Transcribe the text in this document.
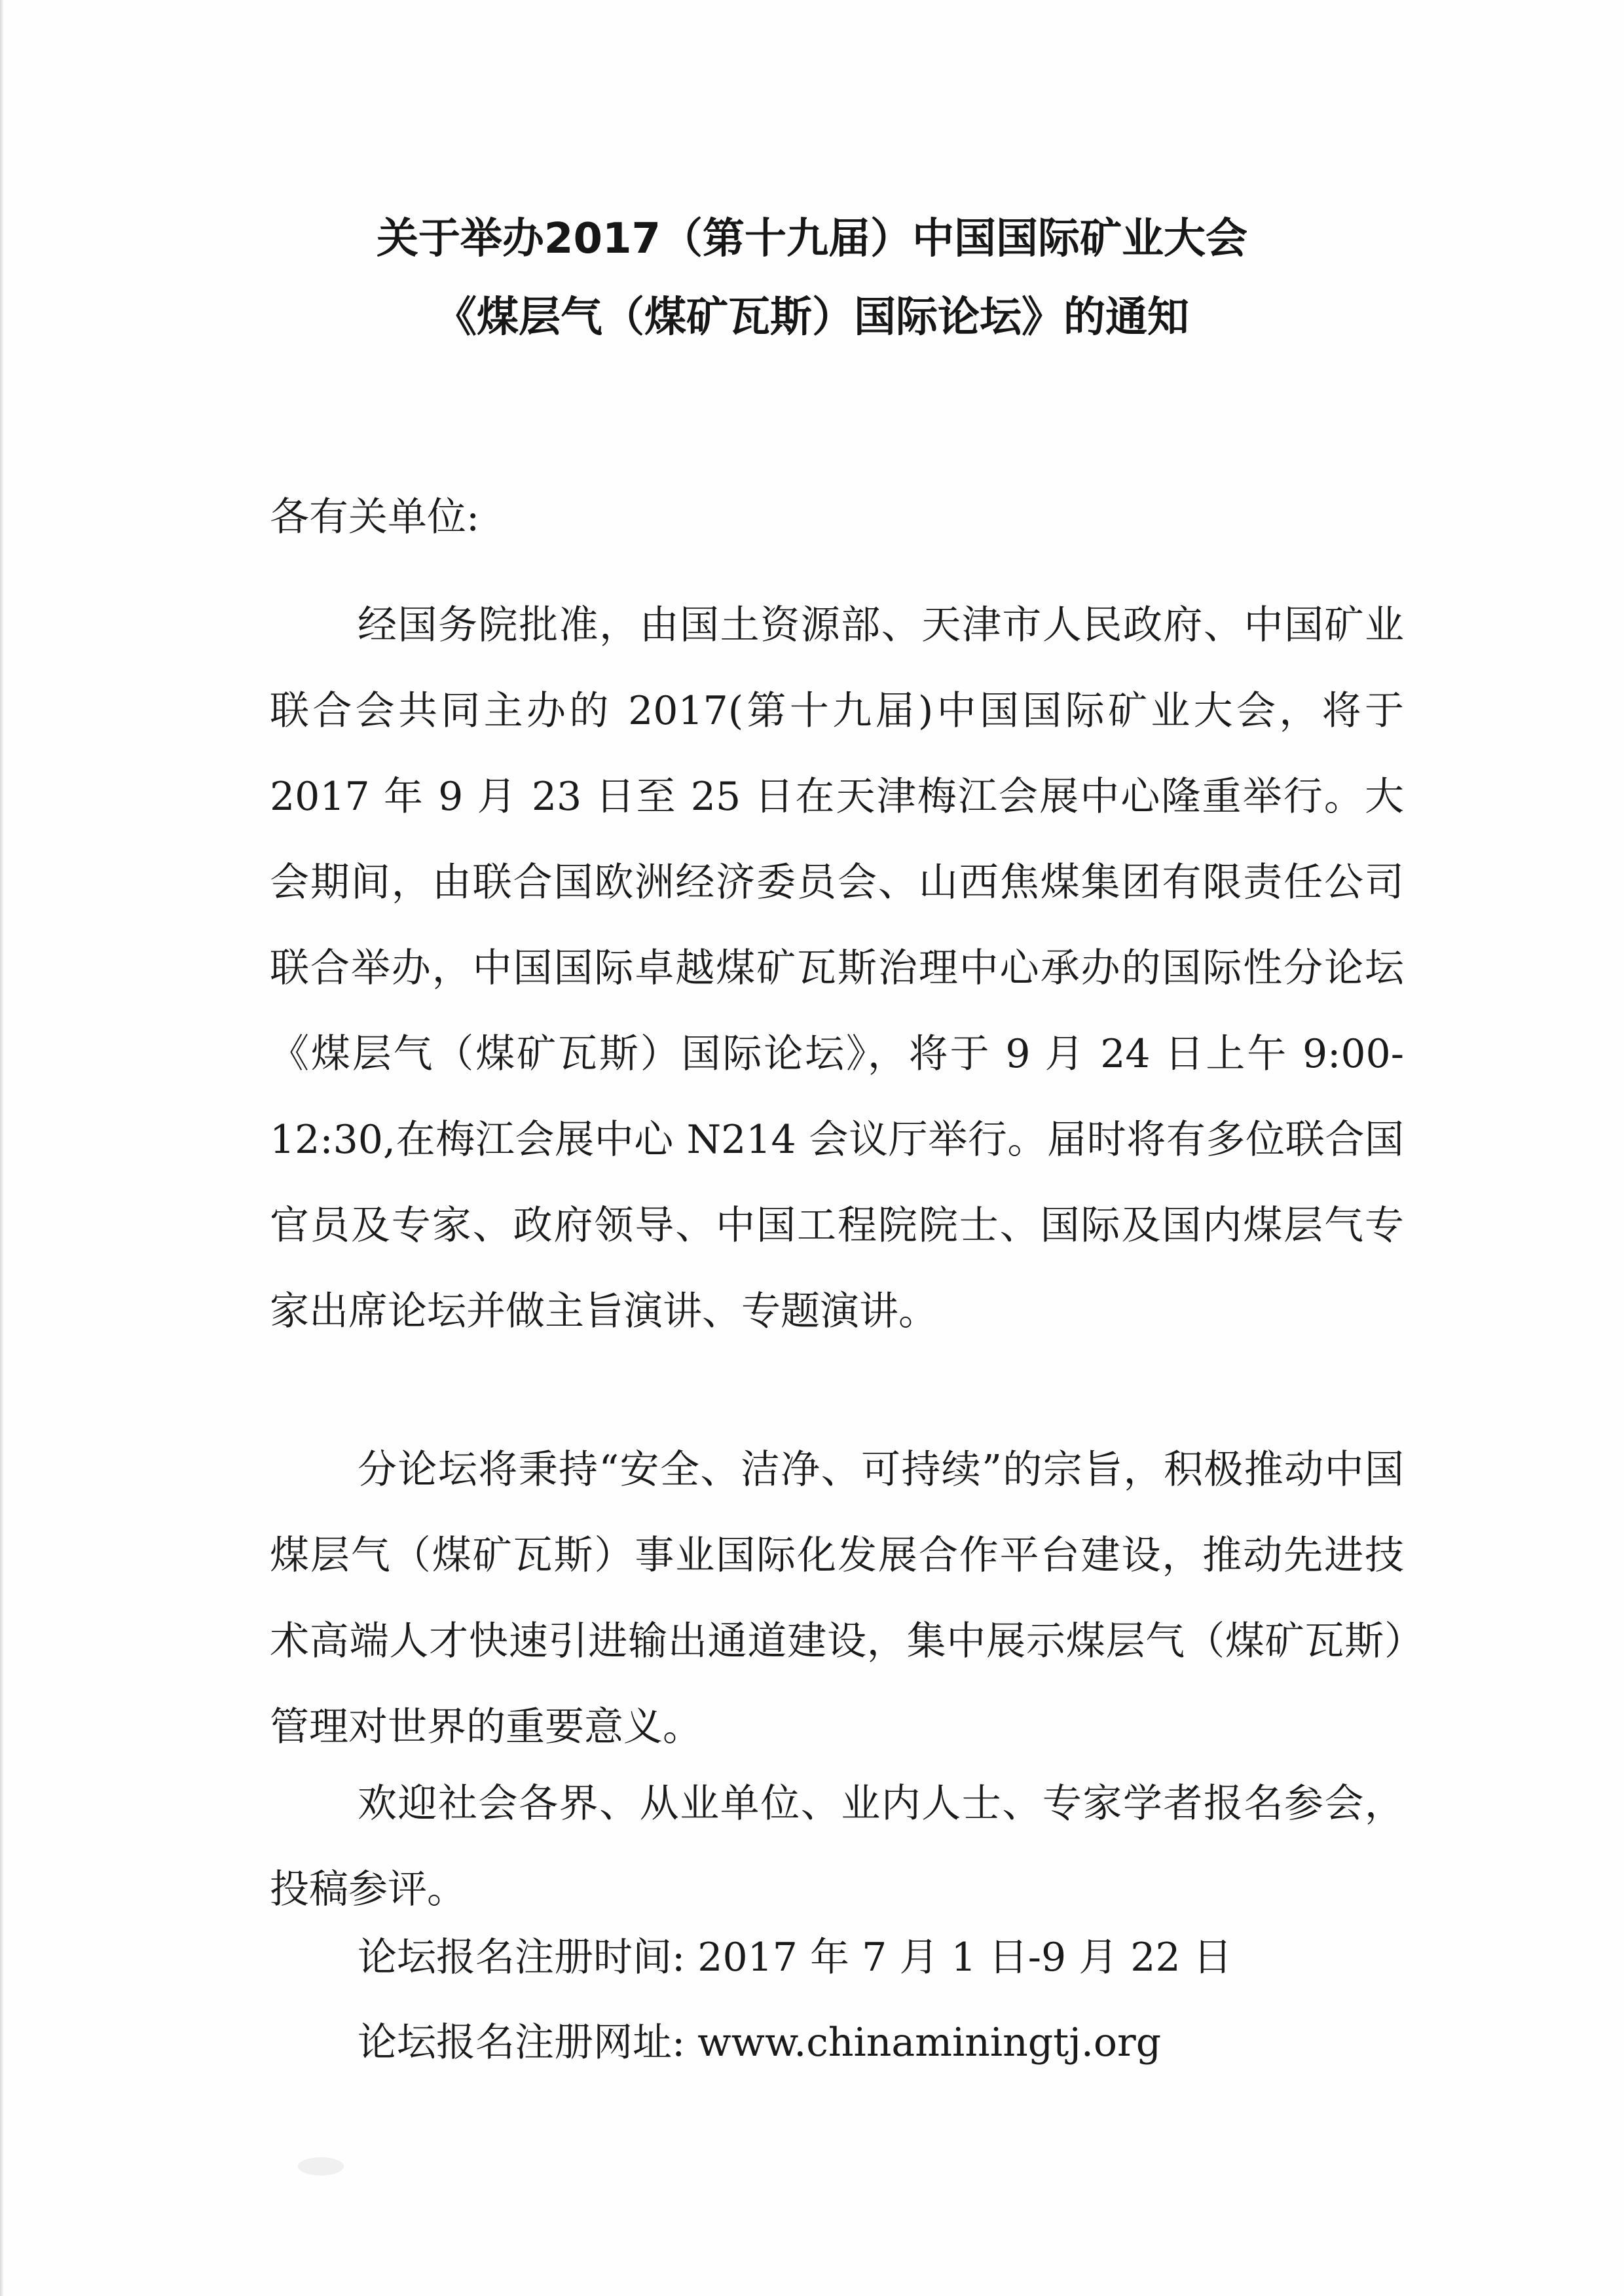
关于举办2017（第十九届）中国国际矿业大会
《煤层气（煤矿瓦斯）国际论坛》的通知
各有关单位:

经国务院批准，由国土资源部、天津市人民政府、中国矿业联合会共同主办的 2017(第十九届)中国国际矿业大会，将于 2017 年 9 月 23 日至 25 日在天津梅江会展中心隆重举行。大会期间，由联合国欧洲经济委员会、山西焦煤集团有限责任公司联合举办，中国国际卓越煤矿瓦斯治理中心承办的国际性分论坛《煤层气（煤矿瓦斯）国际论坛》，将于 9 月 24 日上午 9:00-12:30,在梅江会展中心 N214 会议厅举行。届时将有多位联合国官员及专家、政府领导、中国工程院院士、国际及国内煤层气专家出席论坛并做主旨演讲、专题演讲。

分论坛将秉持“安全、洁净、可持续”的宗旨，积极推动中国煤层气（煤矿瓦斯）事业国际化发展合作平台建设，推动先进技术高端人才快速引进输出通道建设，集中展示煤层气（煤矿瓦斯）管理对世界的重要意义。

欢迎社会各界、从业单位、业内人士、专家学者报名参会，投稿参评。

论坛报名注册时间: 2017 年 7 月 1 日-9 月 22 日
论坛报名注册网址: www.chinaminingtj.org
